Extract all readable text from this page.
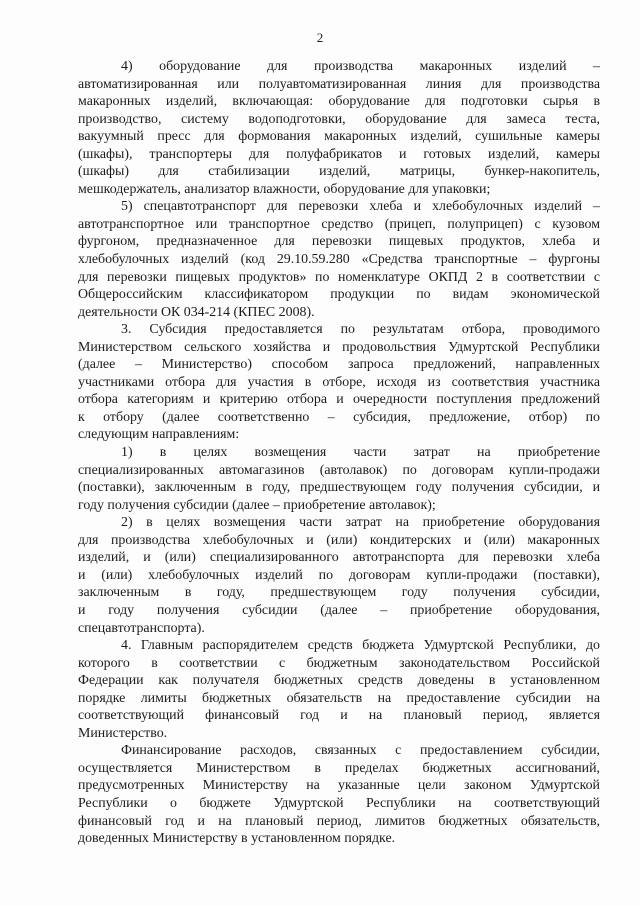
2
4) оборудование для производства макаронных изделий –
автоматизированная или полуавтоматизированная линия для производства
макаронных изделий, включающая: оборудование для подготовки сырья в
производство, систему водоподготовки, оборудование для замеса теста,
вакуумный пресс для формования макаронных изделий, сушильные камеры
(шкафы), транспортеры для полуфабрикатов и готовых изделий, камеры
(шкафы) для стабилизации изделий, матрицы, бункер-накопитель,
мешкодержатель, анализатор влажности, оборудование для упаковки;
5) спецавтотранспорт для перевозки хлеба и хлебобулочных изделий –
автотранспортное или транспортное средство (прицеп, полуприцеп) с кузовом
фургоном, предназначенное для перевозки пищевых продуктов, хлеба и
хлебобулочных изделий (код 29.10.59.280 «Средства транспортные – фургоны
для перевозки пищевых продуктов» по номенклатуре ОКПД 2 в соответствии с
Общероссийским классификатором продукции по видам экономической
деятельности ОК 034-214 (КПЕС 2008).
3. Субсидия предоставляется по результатам отбора, проводимого
Министерством сельского хозяйства и продовольствия Удмуртской Республики
(далее – Министерство) способом запроса предложений, направленных
участниками отбора для участия в отборе, исходя из соответствия участника
отбора категориям и критерию отбора и очередности поступления предложений
к отбору (далее соответственно – субсидия, предложение, отбор) по
следующим направлениям:
1) в целях возмещения части затрат на приобретение
специализированных автомагазинов (автолавок) по договорам купли-продажи
(поставки), заключенным в году, предшествующем году получения субсидии, и
году получения субсидии (далее – приобретение автолавок);
2) в целях возмещения части затрат на приобретение оборудования
для производства хлебобулочных и (или) кондитерских и (или) макаронных
изделий, и (или) специализированного автотранспорта для перевозки хлеба
и (или) хлебобулочных изделий по договорам купли-продажи (поставки),
заключенным в году, предшествующем году получения субсидии,
и году получения субсидии (далее – приобретение оборудования,
спецавтотранспорта).
4. Главным распорядителем средств бюджета Удмуртской Республики, до
которого в соответствии с бюджетным законодательством Российской
Федерации как получателя бюджетных средств доведены в установленном
порядке лимиты бюджетных обязательств на предоставление субсидии на
соответствующий финансовый год и на плановый период, является
Министерство.
Финансирование расходов, связанных с предоставлением субсидии,
осуществляется Министерством в пределах бюджетных ассигнований,
предусмотренных Министерству на указанные цели законом Удмуртской
Республики о бюджете Удмуртской Республики на соответствующий
финансовый год и на плановый период, лимитов бюджетных обязательств,
доведенных Министерству в установленном порядке.
